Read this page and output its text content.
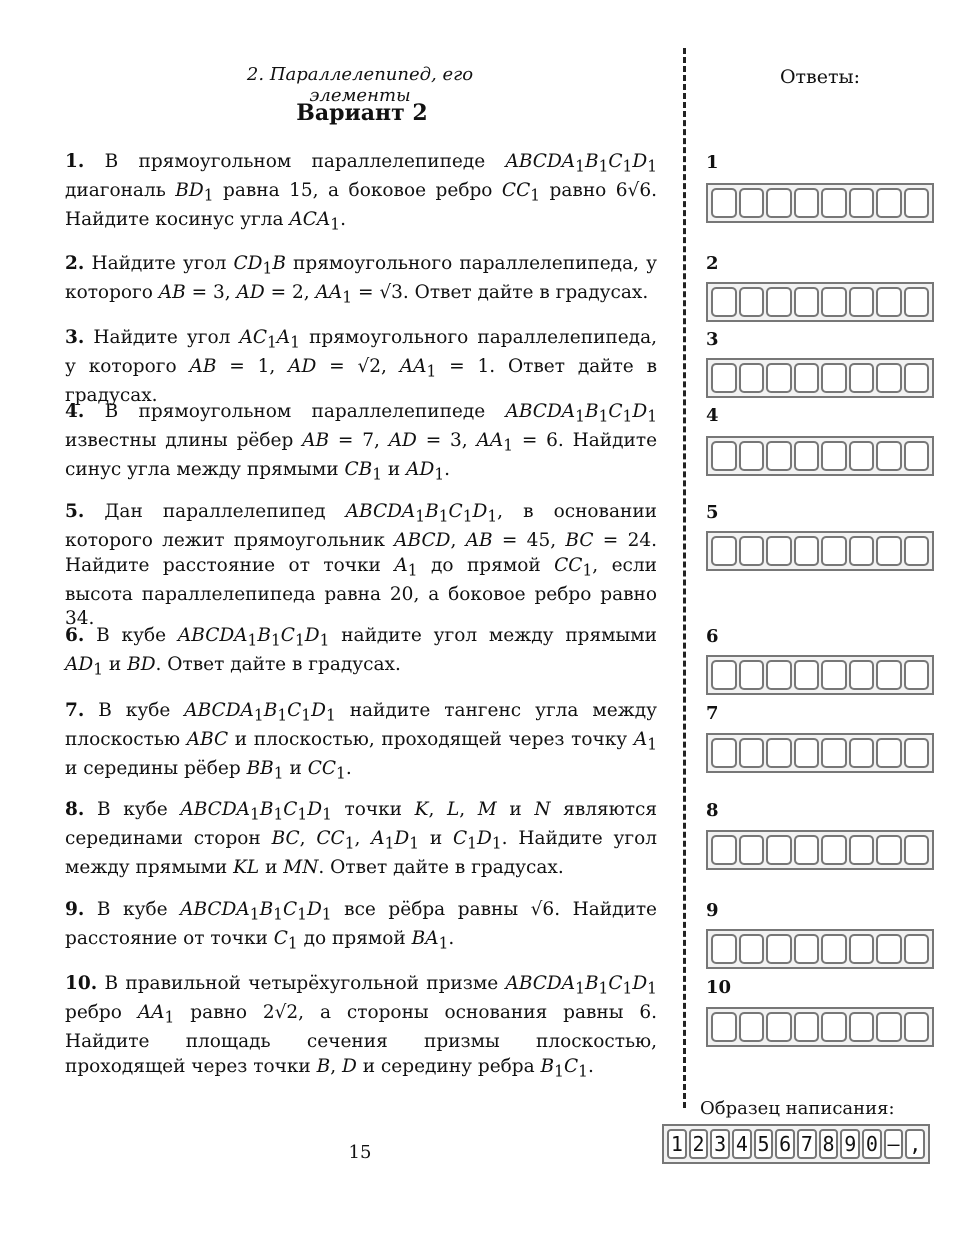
2. Параллелепипед, его элементы
Вариант 2
Ответы:
1. В прямоугольном параллелепипеде $ABCDA_1B_1C_1D_1$ диагональ $BD_1$ равна 15, а боковое ребро $CC_1$ равно 6√6. Найдите косинус угла $ACA_1$.
2. Найдите угол $CD_1B$ прямоугольного параллелепипеда, у которого AB = 3, AD = 2, $AA_1 = √3$. Ответ дайте в градусах.
3. Найдите угол $AC_1A_1$ прямоугольного параллелепипеда, у которого AB = 1, AD = √2, $AA_1 = 1$. Ответ дайте в градусах.
4. В прямоугольном параллелепипеде $ABCDA_1B_1C_1D_1$ известны длины рёбер AB = 7, AD = 3, $AA_1 = 6$. Найдите синус угла между прямыми $CB_1$ и $AD_1$.
5. Дан параллелепипед $ABCDA_1B_1C_1D_1$, в основании которого лежит прямоугольник ABCD, AB = 45, BC = 24. Найдите расстояние от точки $A_1$ до прямой $CC_1$, если высота параллелепипеда равна 20, а боковое ребро равно 34.
6. В кубе $ABCDA_1B_1C_1D_1$ найдите угол между прямыми $AD_1$ и BD. Ответ дайте в градусах.
7. В кубе $ABCDA_1B_1C_1D_1$ найдите тангенс угла между плоскостью ABC и плоскостью, проходящей через точку $A_1$ и середины рёбер $BB_1$ и $CC_1$.
8. В кубе $ABCDA_1B_1C_1D_1$ точки K, L, M и N являются серединами сторон BC, $CC_1$, $A_1D_1$ и $C_1D_1$. Найдите угол между прямыми KL и MN. Ответ дайте в градусах.
9. В кубе $ABCDA_1B_1C_1D_1$ все рёбра равны √6. Найдите расстояние от точки $C_1$ до прямой $BA_1$.
10. В правильной четырёхугольной призме $ABCDA_1B_1C_1D_1$ ребро $AA_1$ равно 2√2, а стороны основания равны 6. Найдите площадь сечения призмы плоскостью, проходящей через точки B, D и середину ребра $B_1C_1$.
1
2
3
4
5
6
7
8
9
10
Образец написания:
1 2 3 4 5 6 7 8 9 0 – ,
15
